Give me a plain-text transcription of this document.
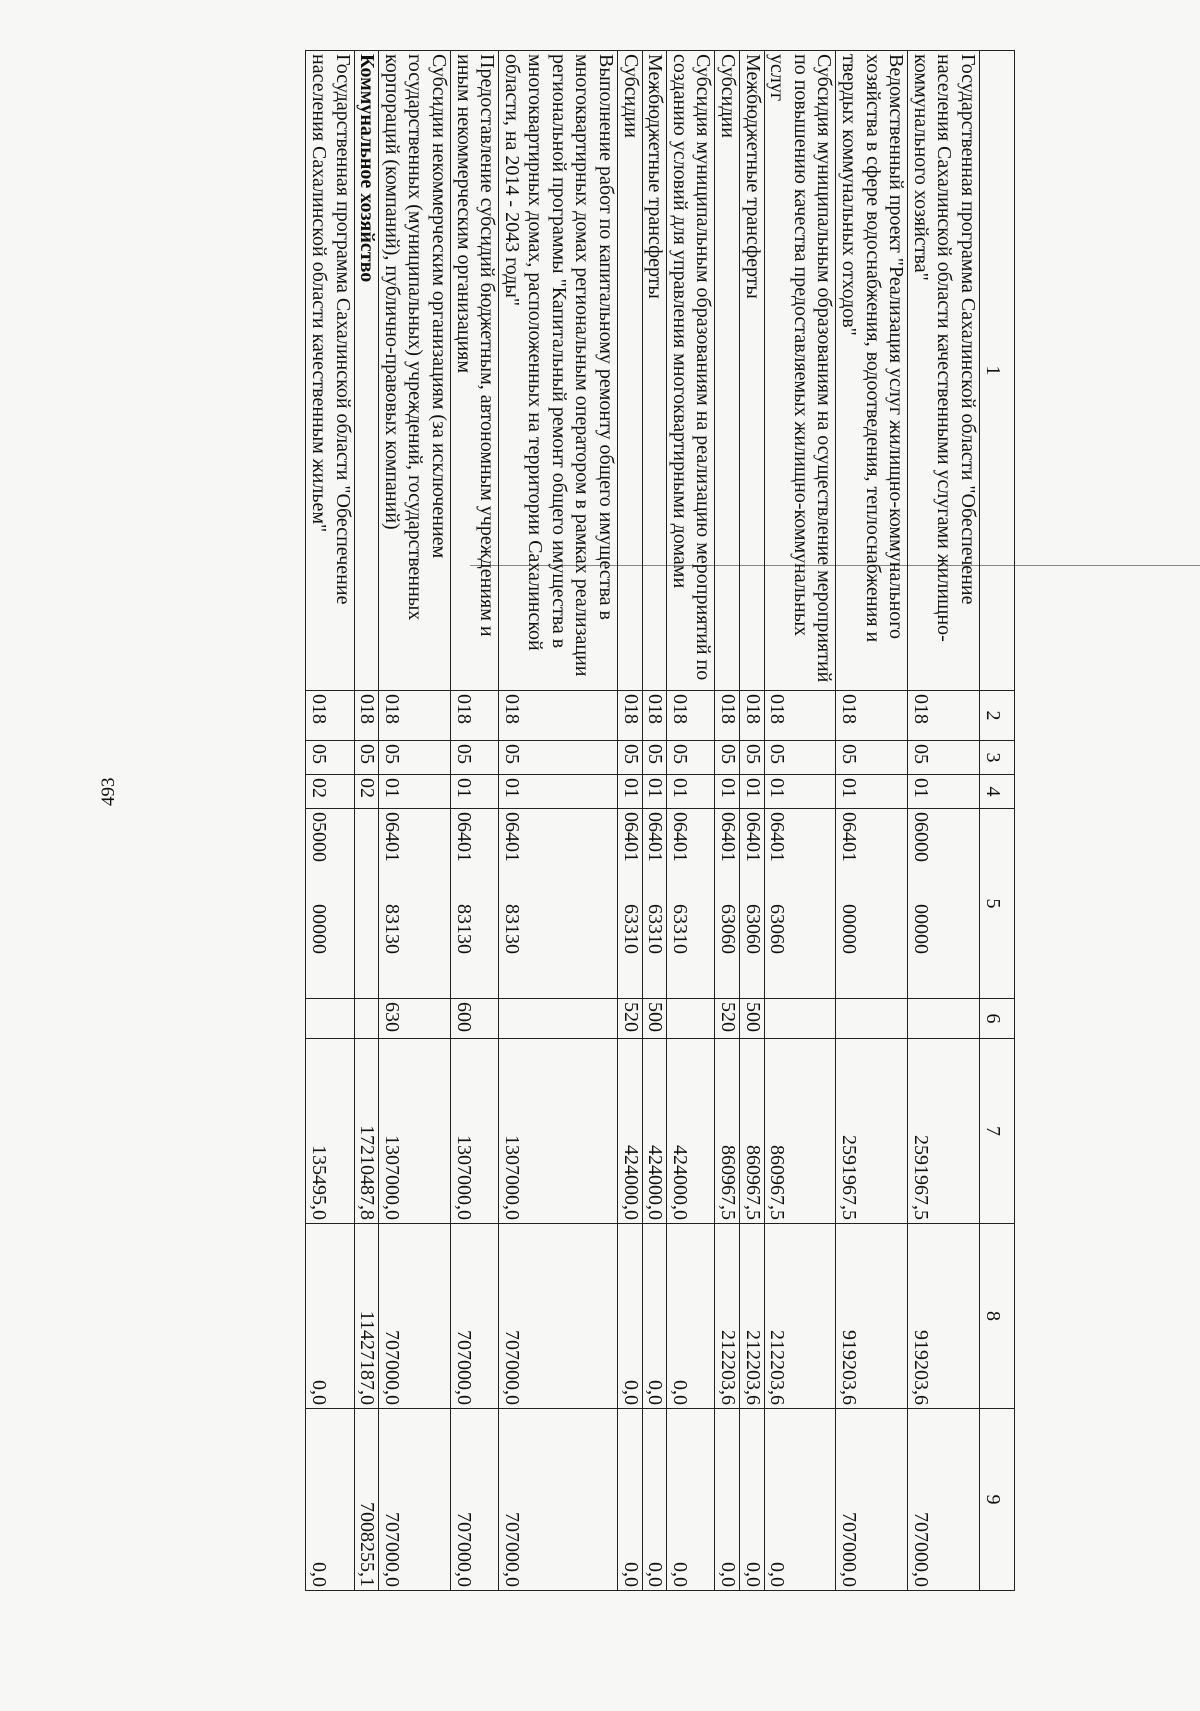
493
1	2	3	4	5	6	7	8	9
Государственная программа Сахалинской области "Обеспечение населения Сахалинской области качественными услугами жилищно-коммунального хозяйства"	018	05	01	0600000000		2591967,5	919203,6	707000,0
Ведомственный проект "Реализация услуг жилищно-коммунального хозяйства в сфере водоснабжения, водоотведения, теплоснабжения и твердых коммунальных отходов"	018	05	01	0640100000		2591967,5	919203,6	707000,0
Субсидия муниципальным образованиям на осуществление мероприятий по повышению качества предоставляемых жилищно-коммунальных услуг	018	05	01	0640163060		860967,5	212203,6	0,0
Межбюджетные трансферты	018	05	01	0640163060	500	860967,5	212203,6	0,0
Субсидии	018	05	01	0640163060	520	860967,5	212203,6	0,0
Субсидия муниципальным образованиям на реализацию мероприятий по созданию условий для управления многоквартирными домами	018	05	01	0640163310		424000,0	0,0	0,0
Межбюджетные трансферты	018	05	01	0640163310	500	424000,0	0,0	0,0
Субсидии	018	05	01	0640163310	520	424000,0	0,0	0,0
Выполнение работ по капитальному ремонту общего имущества в многоквартирных домах региональным оператором в рамках реализации региональной программы "Капитальный ремонт общего имущества в многоквартирных домах, расположенных на территории Сахалинской области, на 2014 - 2043 годы"	018	05	01	0640183130		1307000,0	707000,0	707000,0
Предоставление субсидий бюджетным, автономным учреждениям и иным некоммерческим организациям	018	05	01	0640183130	600	1307000,0	707000,0	707000,0
Субсидии некоммерческим организациям (за исключением государственных (муниципальных) учреждений, государственных корпораций (компаний), публично-правовых компаний)	018	05	01	0640183130	630	1307000,0	707000,0	707000,0
Коммунальное хозяйство	018	05	02			17210487,8	11427187,0	7008255,1
Государственная программа Сахалинской области "Обеспечение населения Сахалинской области качественным жильем"	018	05	02	0500000000		135495,0	0,0	0,0
